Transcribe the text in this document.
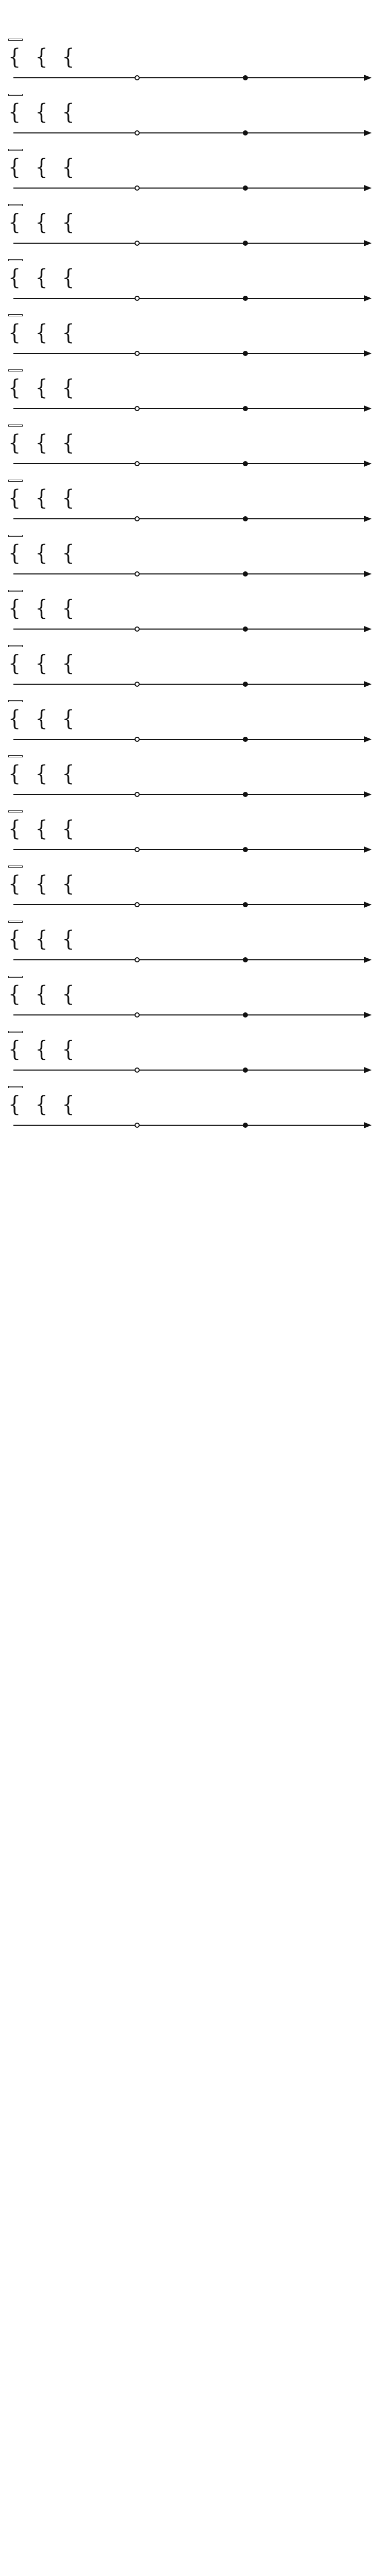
{ { {
{ { {
{ { {
{ { {
{ { {
{ { {
{ { {
{ { {
{ { {
{ { {
{ { {
{ { {
{ { {
{ { {
{ { {
{ { {
{ { {
{ { {
{ { {
{ { {
